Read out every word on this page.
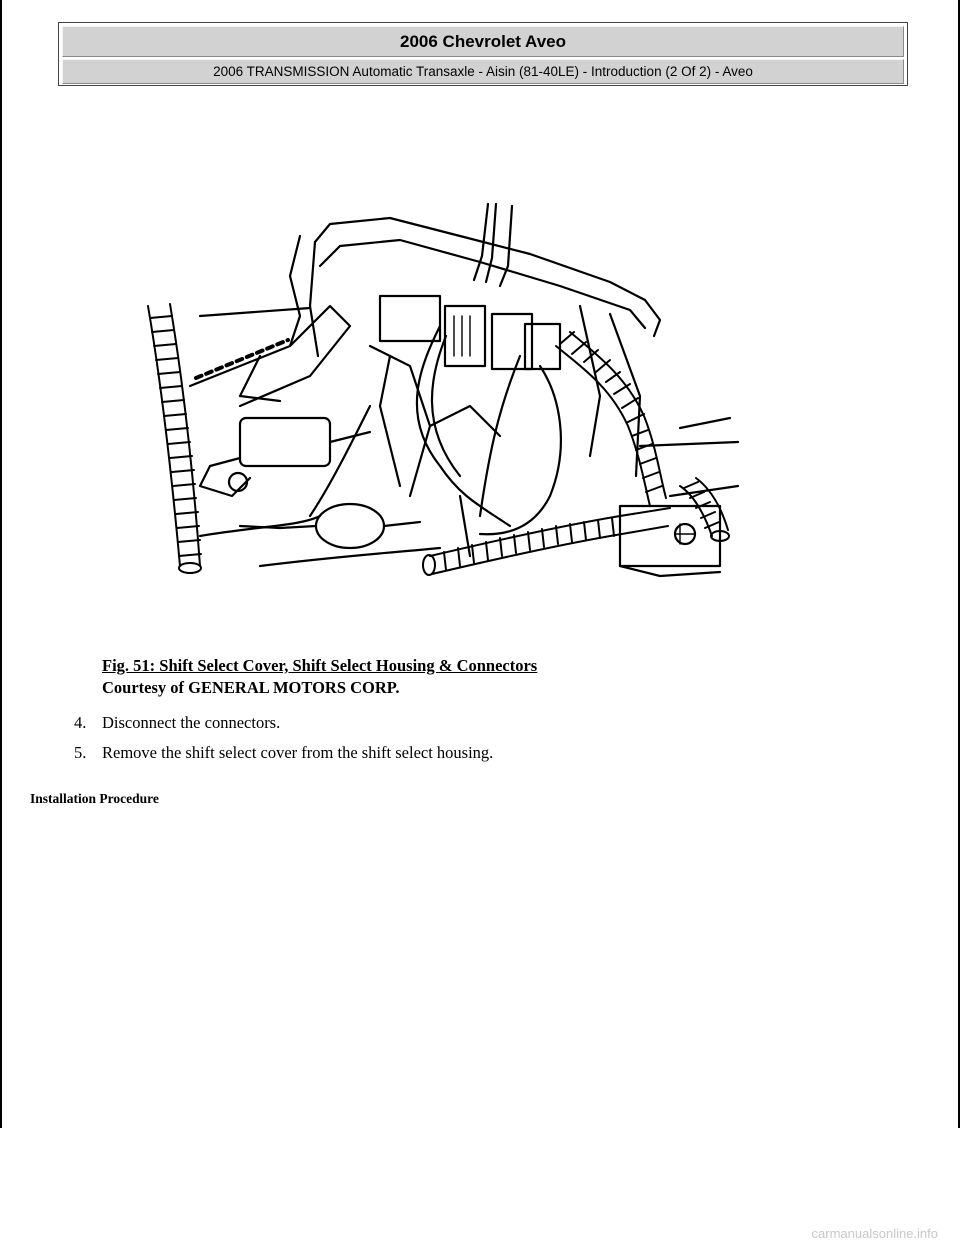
2006 Chevrolet Aveo
2006 TRANSMISSION Automatic Transaxle - Aisin (81-40LE) - Introduction (2 Of 2) - Aveo
Fig. 51: Shift Select Cover, Shift Select Housing & Connectors
Courtesy of GENERAL MOTORS CORP.
4. Disconnect the connectors.
5. Remove the shift select cover from the shift select housing.
Installation Procedure
carmanualsonline.info
